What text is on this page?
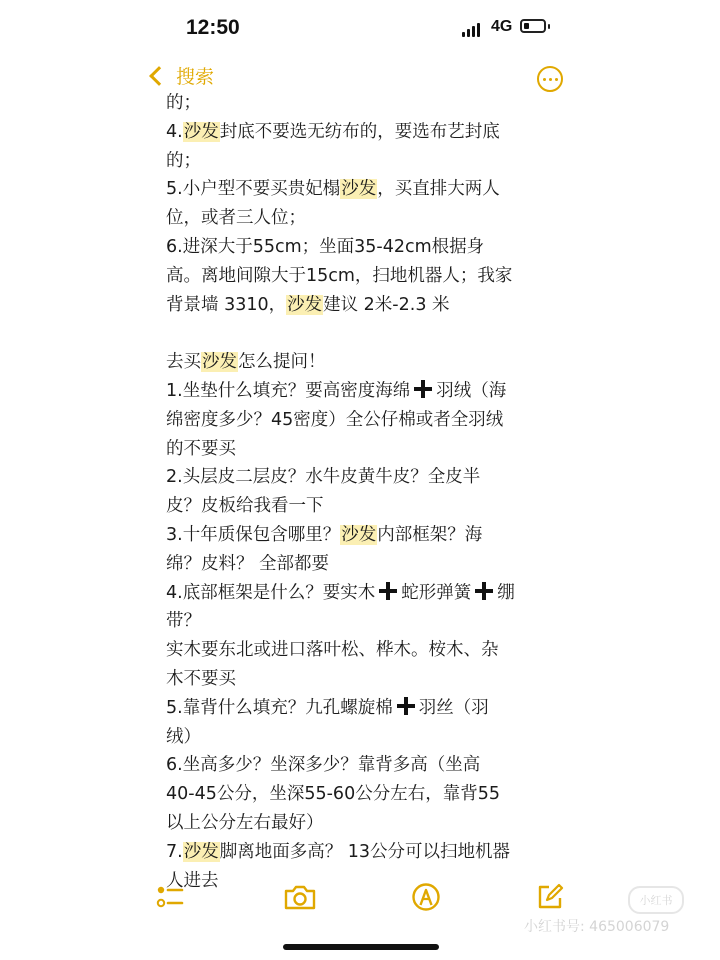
12:50	4G
搜索
的；
4.沙发封底不要选无纺布的，要选布艺封底
的；
5.小户型不要买贵妃榻沙发，买直排大两人
位，或者三人位；
6.进深大于55cm；坐面35-42cm根据身
高。离地间隙大于15cm，扫地机器人；我家
背景墙 3310，沙发建议 2米-2.3 米
去买沙发怎么提问！
1.坐垫什么填充？要高密度海绵 羽绒（海
绵密度多少？45密度）全公仔棉或者全羽绒
的不要买
2.头层皮二层皮？水牛皮黄牛皮？全皮半
皮？皮板给我看一下
3.十年质保包含哪里？沙发内部框架？海
绵？皮料？ 全部都要
4.底部框架是什么？要实木 蛇形弹簧 绷
带？
实木要东北或进口落叶松、桦木。桉木、杂
木不要买
5.靠背什么填充？九孔螺旋棉 羽丝（羽
绒）
6.坐高多少？坐深多少？靠背多高（坐高
40-45公分，坐深55-60公分左右，靠背55
以上公分左右最好）
7.沙发脚离地面多高？ 13公分可以扫地机器
人进去
小红书
小红书号: 465006079
